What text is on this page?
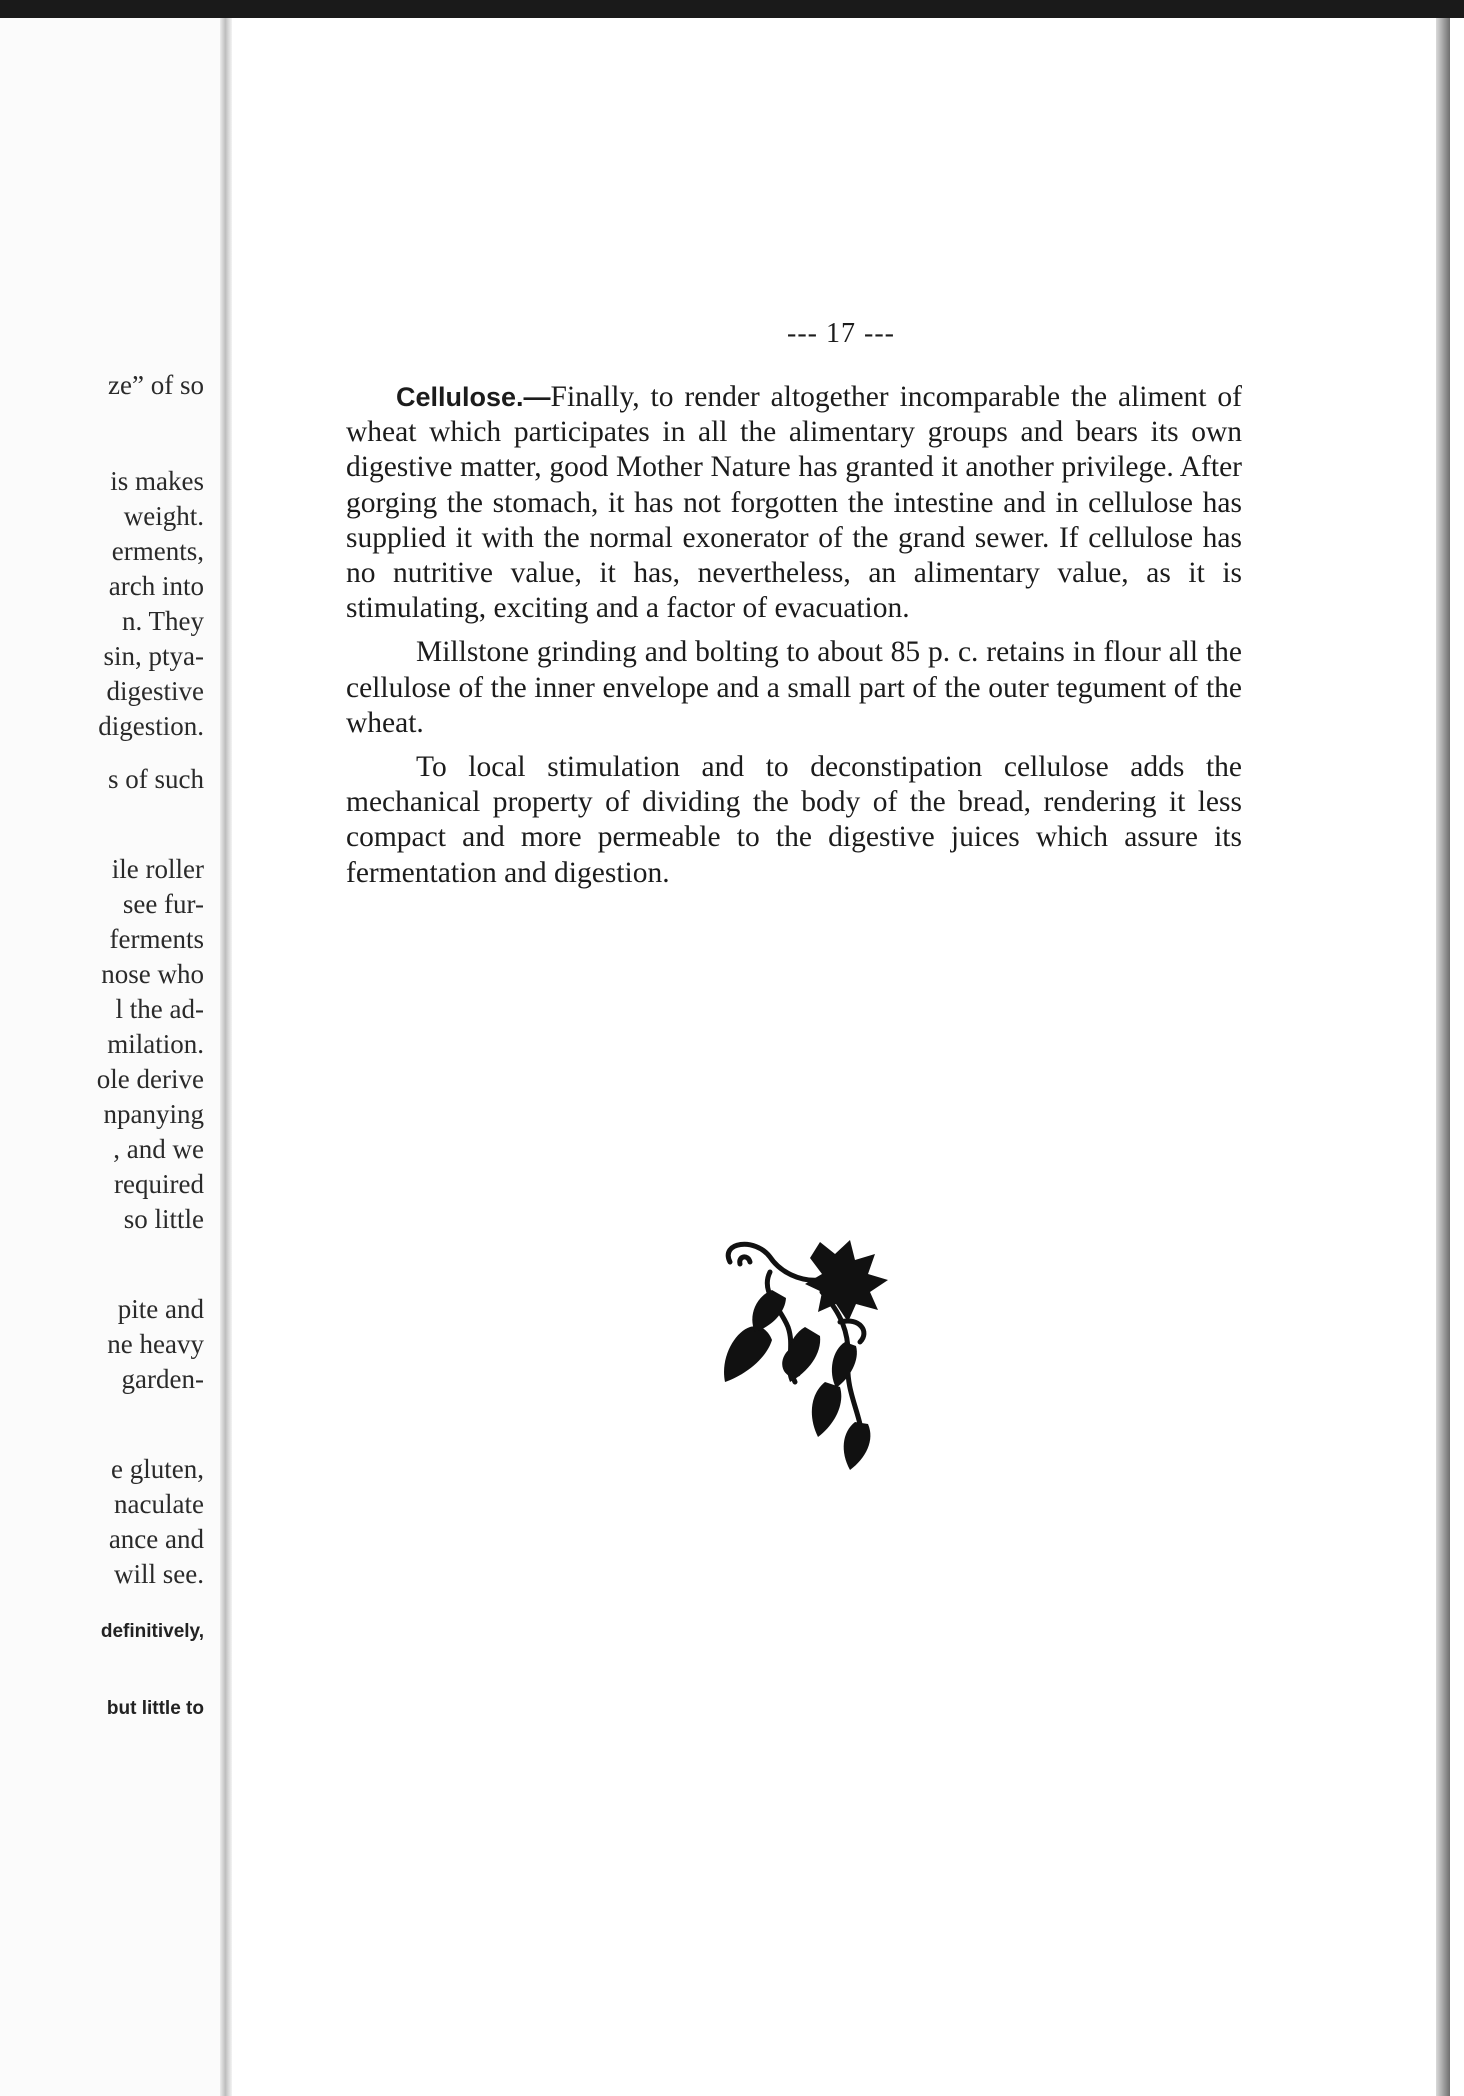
ze” of so
is makes
weight.
erments,
arch into
n. They
sin, ptya-
digestive
digestion.
s of such
ile roller
see fur-
ferments
nose who
l the ad-
milation.
ole derive
npanying
, and we
required
so little
pite and
ne heavy
garden-
e gluten,
naculate
ance and
will see.
definitively,
but little to
--- 17 ---

Cellulose.—Finally, to render altogether incomparable the aliment of wheat which participates in all the alimentary groups and bears its own digestive matter, good Mother Nature has granted it another privilege. After gorging the stomach, it has not forgotten the intestine and in cellulose has supplied it with the normal exonerator of the grand sewer. If cellulose has no nutritive value, it has, nevertheless, an alimentary value, as it is stimulating, exciting and a factor of evacuation.

Millstone grinding and bolting to about 85 p. c. retains in flour all the cellulose of the inner envelope and a small part of the outer tegument of the wheat.

To local stimulation and to deconstipation cellulose adds the mechanical property of dividing the body of the bread, rendering it less compact and more permeable to the digestive juices which assure its fermentation and digestion.
